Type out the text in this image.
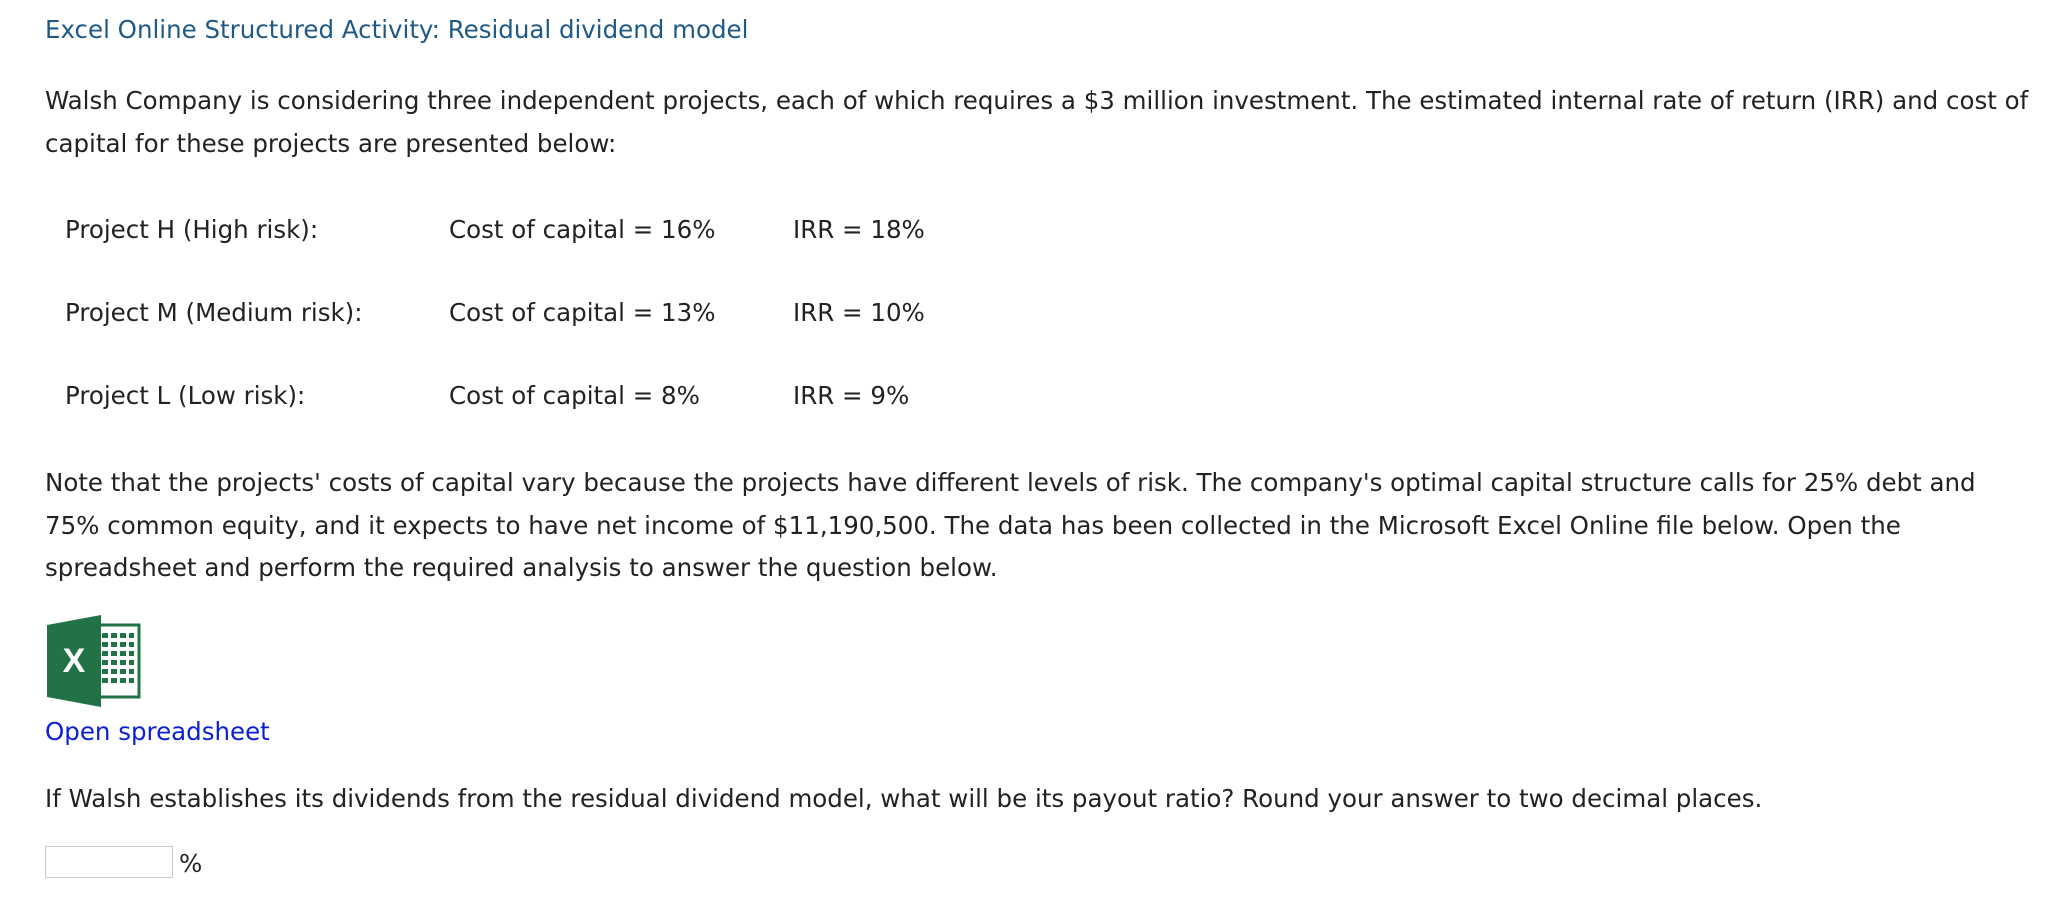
Excel Online Structured Activity: Residual dividend model
Walsh Company is considering three independent projects, each of which requires a $3 million investment. The estimated internal rate of return (IRR) and cost of capital for these projects are presented below:
Project H (High risk):	Cost of capital = 16%	IRR = 18%
Project M (Medium risk):	Cost of capital = 13%	IRR = 10%
Project L (Low risk):	Cost of capital = 8%	IRR = 9%
Note that the projects' costs of capital vary because the projects have different levels of risk. The company's optimal capital structure calls for 25% debt and 75% common equity, and it expects to have net income of $11,190,500. The data has been collected in the Microsoft Excel Online file below. Open the spreadsheet and perform the required analysis to answer the question below.
X
Open spreadsheet
If Walsh establishes its dividends from the residual dividend model, what will be its payout ratio? Round your answer to two decimal places.
%
